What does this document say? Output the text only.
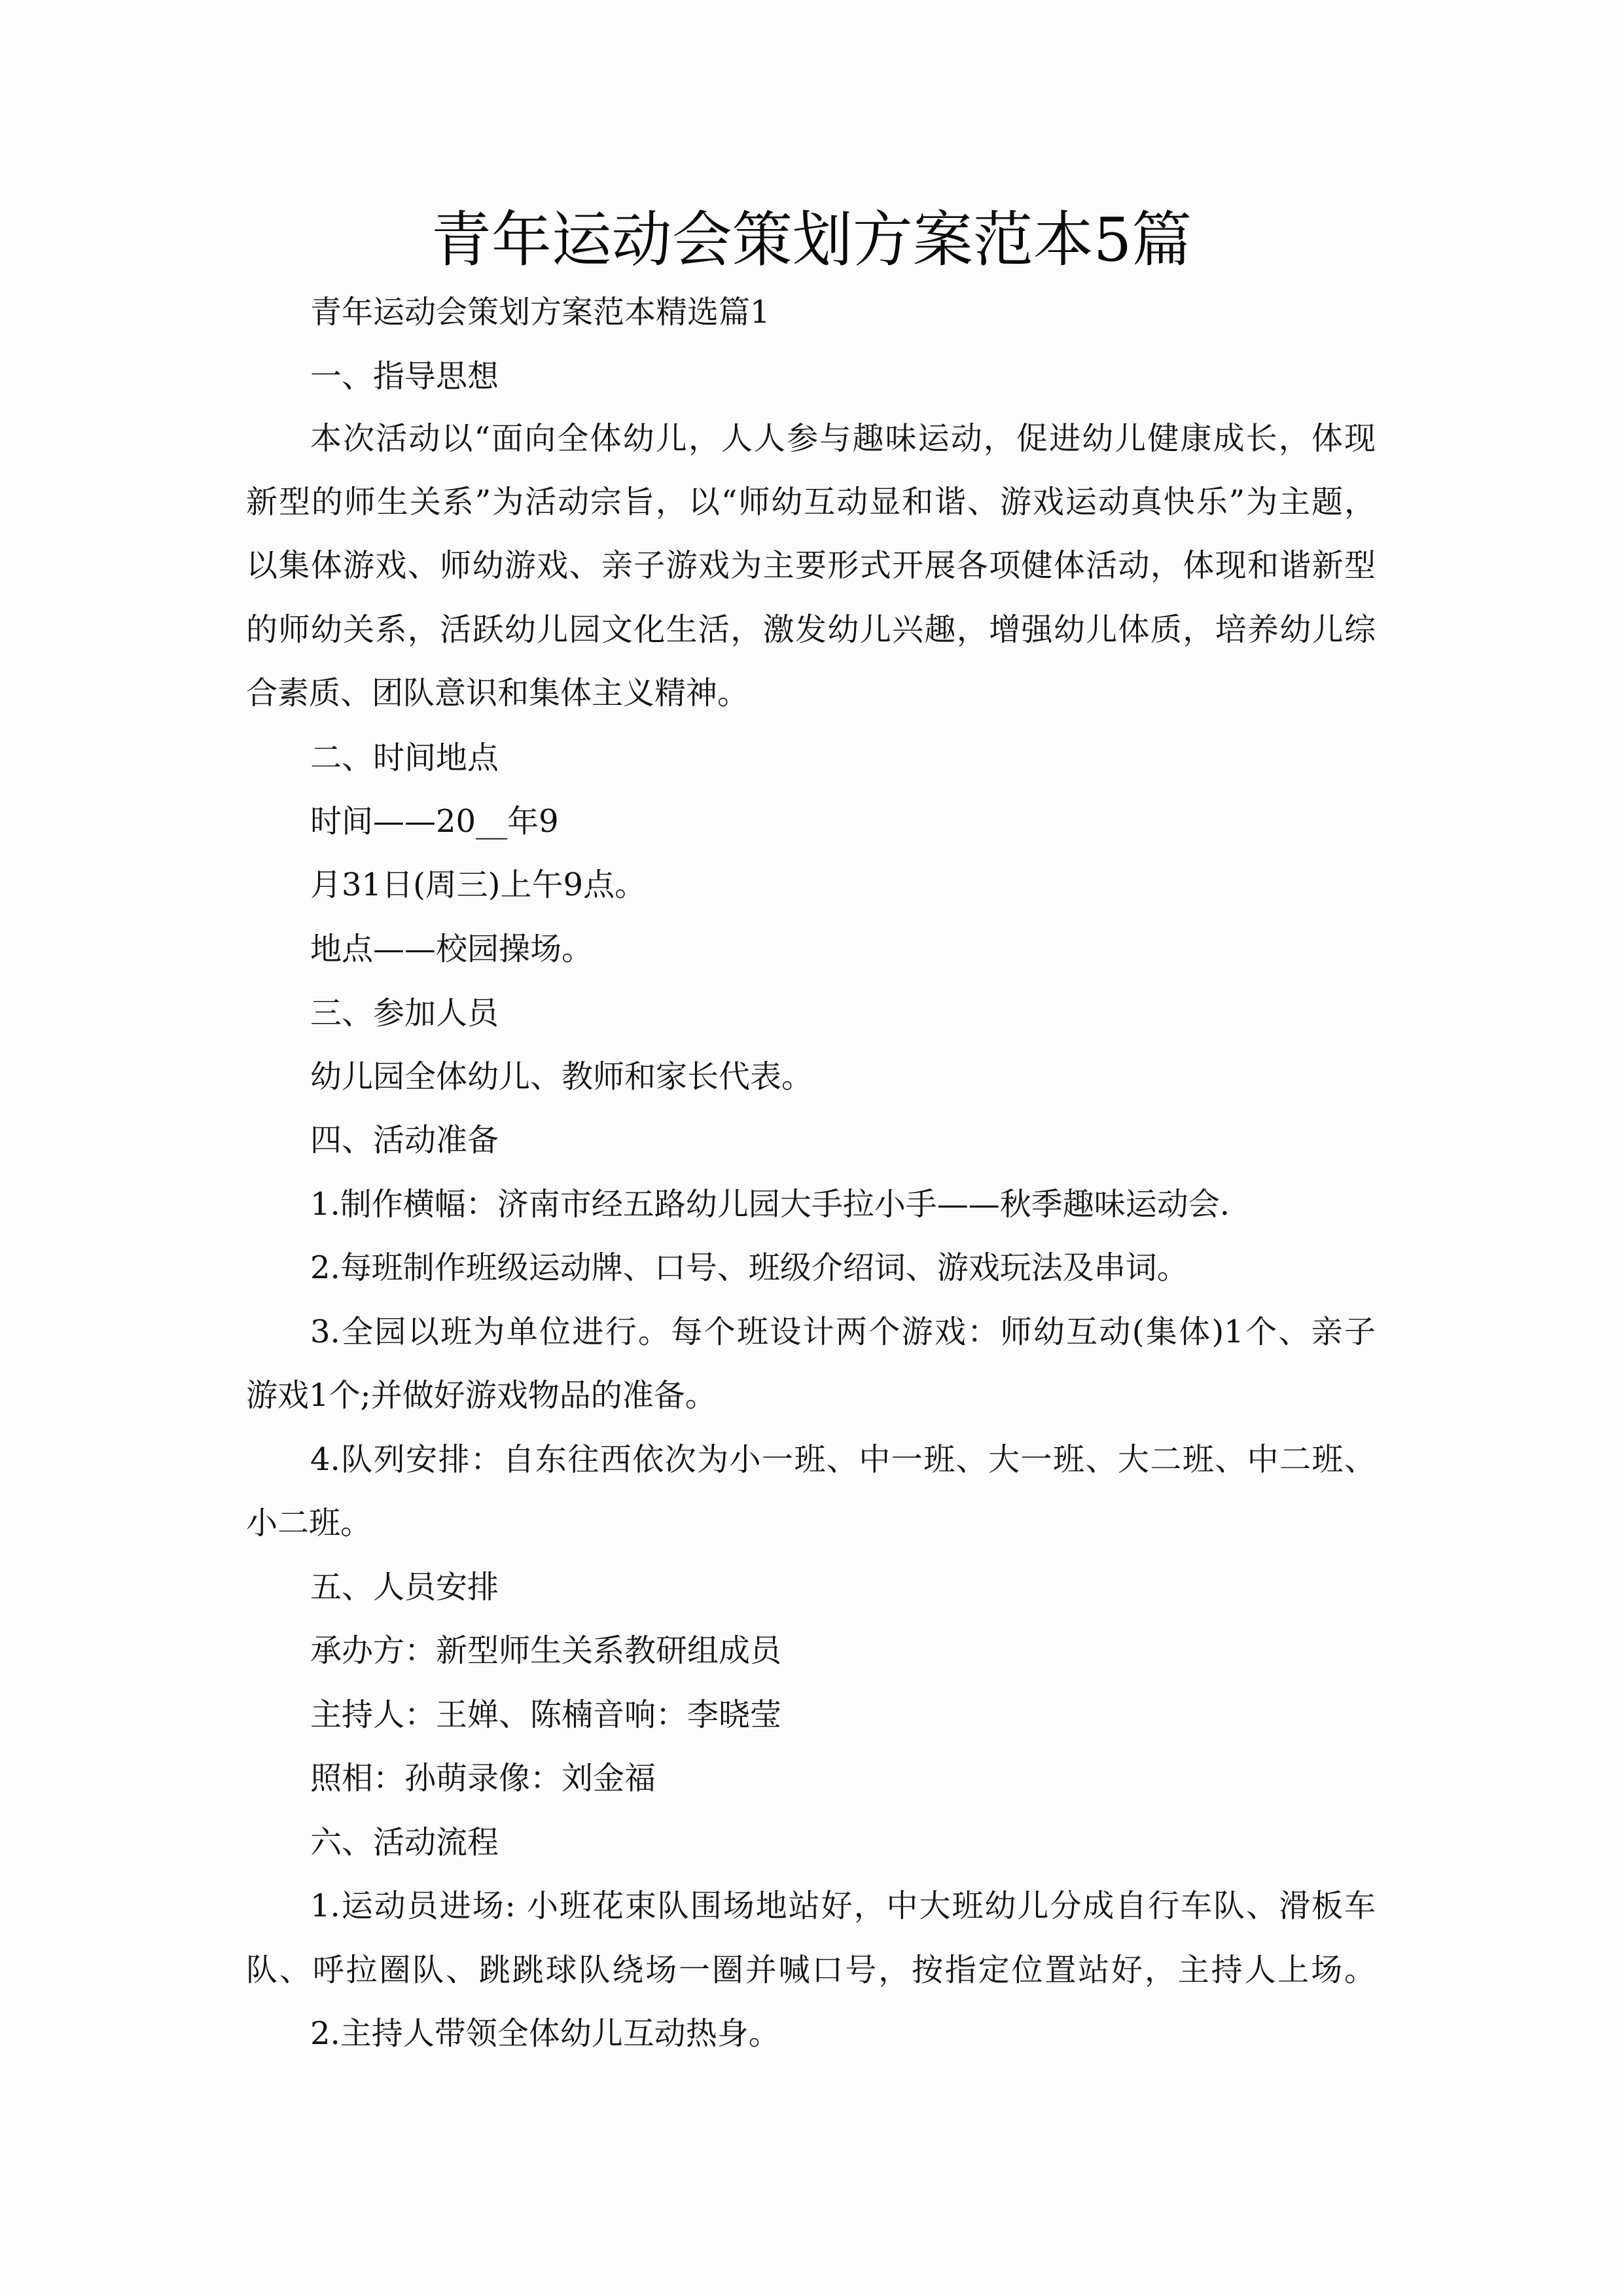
青年运动会策划方案范本5篇

青年运动会策划方案范本精选篇1

一、指导思想

本次活动以“面向全体幼儿，人人参与趣味运动，促进幼儿健康成长，体现

新型的师生关系”为活动宗旨，以“师幼互动显和谐、游戏运动真快乐”为主题，

以集体游戏、师幼游戏、亲子游戏为主要形式开展各项健体活动，体现和谐新型

的师幼关系，活跃幼儿园文化生活，激发幼儿兴趣，增强幼儿体质，培养幼儿综

合素质、团队意识和集体主义精神。

二、时间地点

时间——20__年9

月31日(周三)上午9点。

地点——校园操场。

三、参加人员

幼儿园全体幼儿、教师和家长代表。

四、活动准备

1.制作横幅：济南市经五路幼儿园大手拉小手——秋季趣味运动会.

2.每班制作班级运动牌、口号、班级介绍词、游戏玩法及串词。

3.全园以班为单位进行。每个班设计两个游戏：师幼互动(集体)1个、亲子

游戏1个;并做好游戏物品的准备。

4.队列安排：自东往西依次为小一班、中一班、大一班、大二班、中二班、

小二班。

五、人员安排

承办方：新型师生关系教研组成员

主持人：王婵、陈楠音响：李晓莹

照相：孙萌录像：刘金福

六、活动流程

1.运动员进场: 小班花束队围场地站好，中大班幼儿分成自行车队、滑板车

队、呼拉圈队、跳跳球队绕场一圈并喊口号，按指定位置站好，主持人上场。

2.主持人带领全体幼儿互动热身。
